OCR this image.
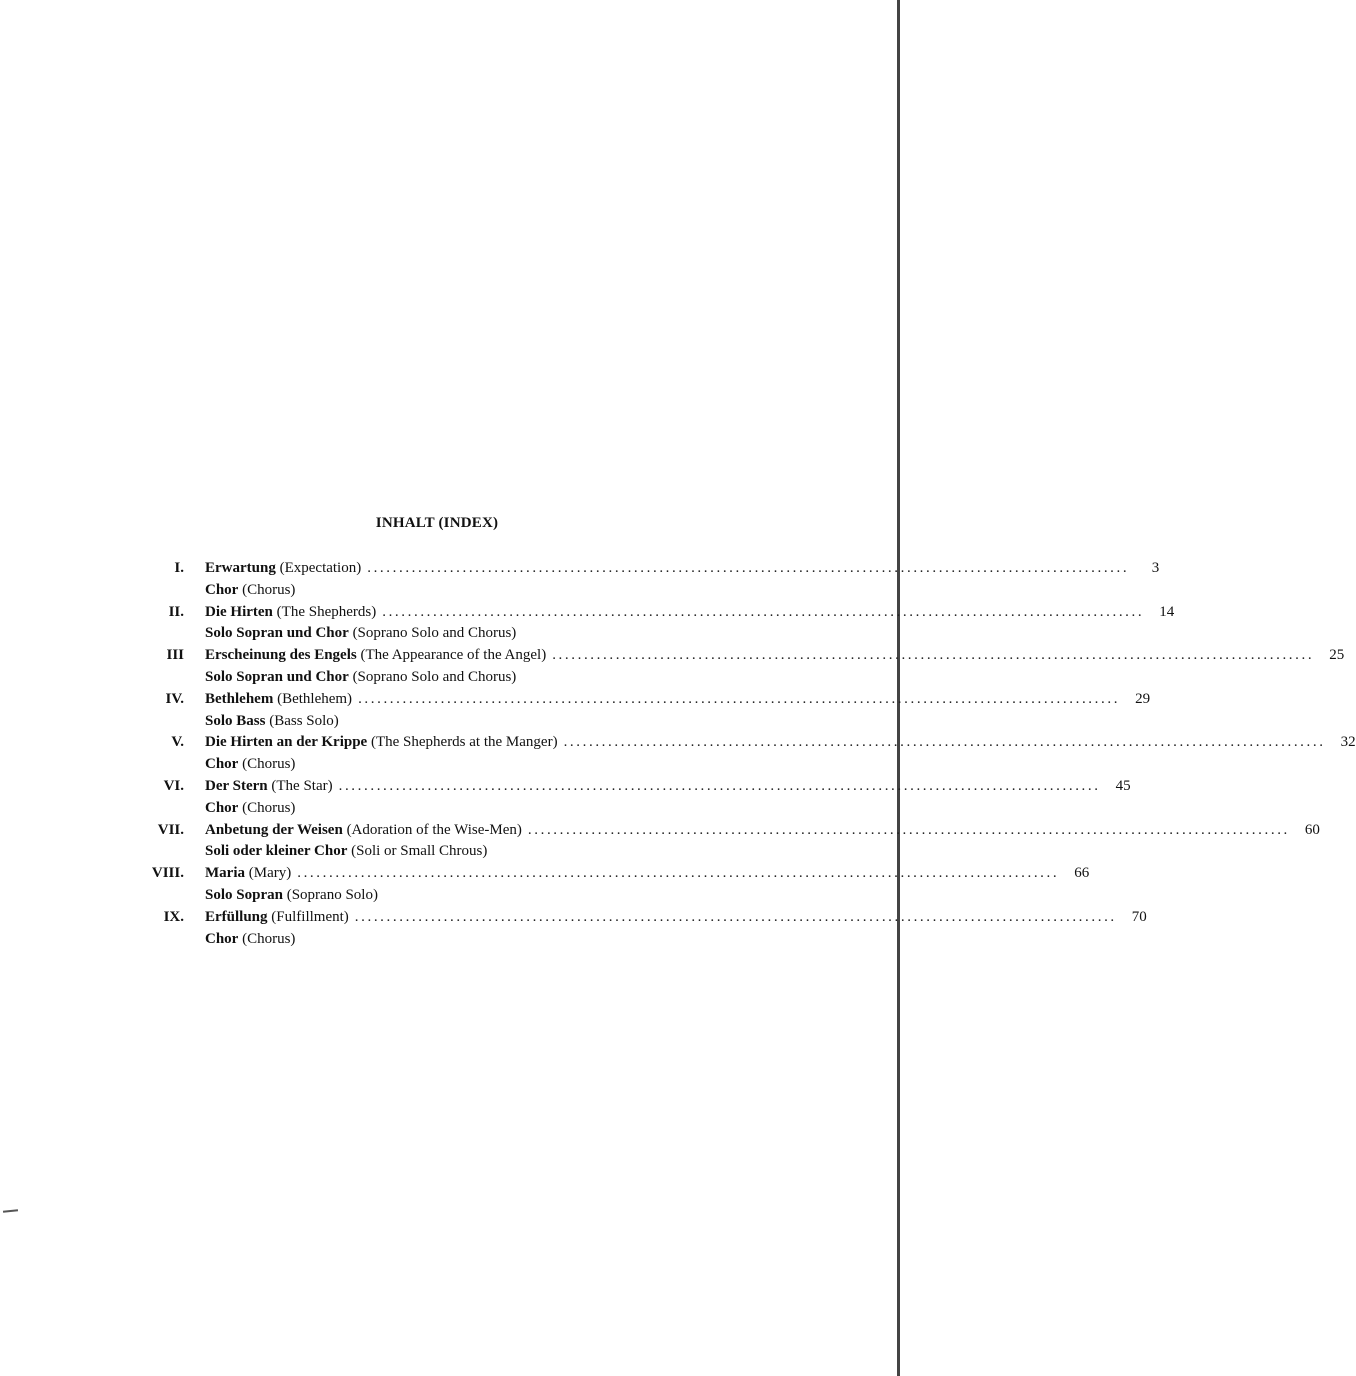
INHALT (INDEX)
I.	Erwartung (Expectation) ........................................................................................................................	3
Chor (Chorus)
II.	Die Hirten (The Shepherds) ........................................................................................................................	14
Solo Sopran und Chor (Soprano Solo and Chorus)
III	Erscheinung des Engels (The Appearance of the Angel) ........................................................................................................................	25
Solo Sopran und Chor (Soprano Solo and Chorus)
IV.	Bethlehem (Bethlehem) ........................................................................................................................	29
Solo Bass (Bass Solo)
V.	Die Hirten an der Krippe (The Shepherds at the Manger) ........................................................................................................................	32
Chor (Chorus)
VI.	Der Stern (The Star) ........................................................................................................................	45
Chor (Chorus)
VII.	Anbetung der Weisen (Adoration of the Wise-Men) ........................................................................................................................	60
Soli oder kleiner Chor (Soli or Small Chrous)
VIII.	Maria (Mary) ........................................................................................................................	66
Solo Sopran (Soprano Solo)
IX.	Erfüllung (Fulfillment) ........................................................................................................................	70
Chor (Chorus)
